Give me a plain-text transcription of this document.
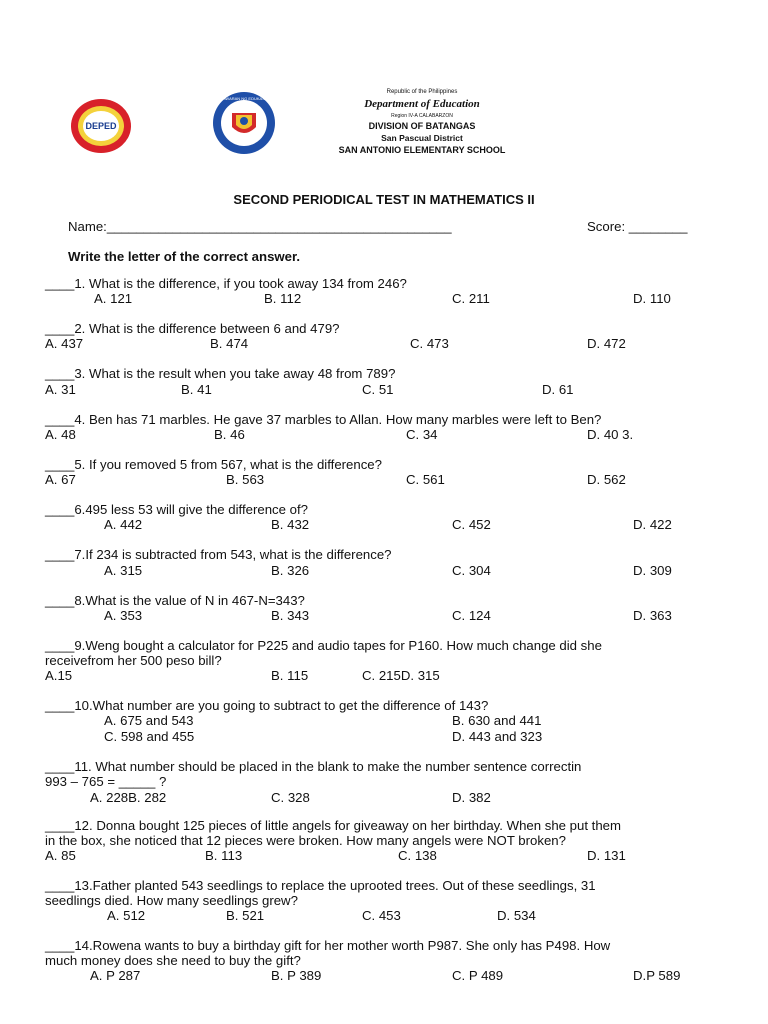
DEPED
KAGAWARAN NG EDUKASYON
Republic of the Philippines
Department of Education
Region IV-A CALABARZON
DIVISION OF BATANGAS
San Pascual District
SAN ANTONIO ELEMENTARY SCHOOL
SECOND PERIODICAL TEST IN MATHEMATICS II
Name:_______________________________________________	Score: ________
Write the letter of the correct answer.
____1. What is the difference, if you took away 134 from 246?
A. 121	B. 112	C. 211	D. 110
____2. What is the difference between 6 and 479?
A. 437	B. 474	C. 473	D. 472
____3. What is the result when you take away 48 from 789?
A. 31	B. 41	C. 51	D. 61
____4. Ben has 71 marbles. He gave 37 marbles to Allan. How many marbles were left to Ben?
A. 48	B. 46	C. 34	D. 40 3.
____5. If you removed 5 from 567, what is the difference?
A. 67	B. 563	C. 561	D. 562
____6.495 less 53 will give the difference of?
A. 442	B. 432	C. 452	D. 422
____7.If 234 is subtracted from 543, what is the difference?
A. 315	B. 326	C. 304	D. 309
____8.What is the value of N in 467-N=343?
A. 353	B. 343	C. 124	D. 363
____9.Weng bought a calculator for P225 and audio tapes for P160. How much change did she
receivefrom her 500 peso bill?
A.15	B. 115	C. 215D. 315
____10.What number are you going to subtract to get the difference of 143?
A. 675 and 543	B. 630 and 441
C. 598 and 455	D. 443 and 323
____11. What number should be placed in the blank to make the number sentence correctin
993 – 765 = _____ ?
A. 228B. 282	C. 328	D. 382
____12. Donna bought 125 pieces of little angels for giveaway on her birthday. When she put them
in the box, she noticed that 12 pieces were broken. How many angels were NOT broken?
A. 85	B. 113	C. 138	D. 131
____13.Father planted 543 seedlings to replace the uprooted trees. Out of these seedlings, 31
seedlings died. How many seedlings grew?
A. 512	B. 521	C. 453	D. 534
____14.Rowena wants to buy a birthday gift for her mother worth P987. She only has P498. How
much money does she need to buy the gift?
A. P 287	B. P 389	C. P 489	D.P 589
